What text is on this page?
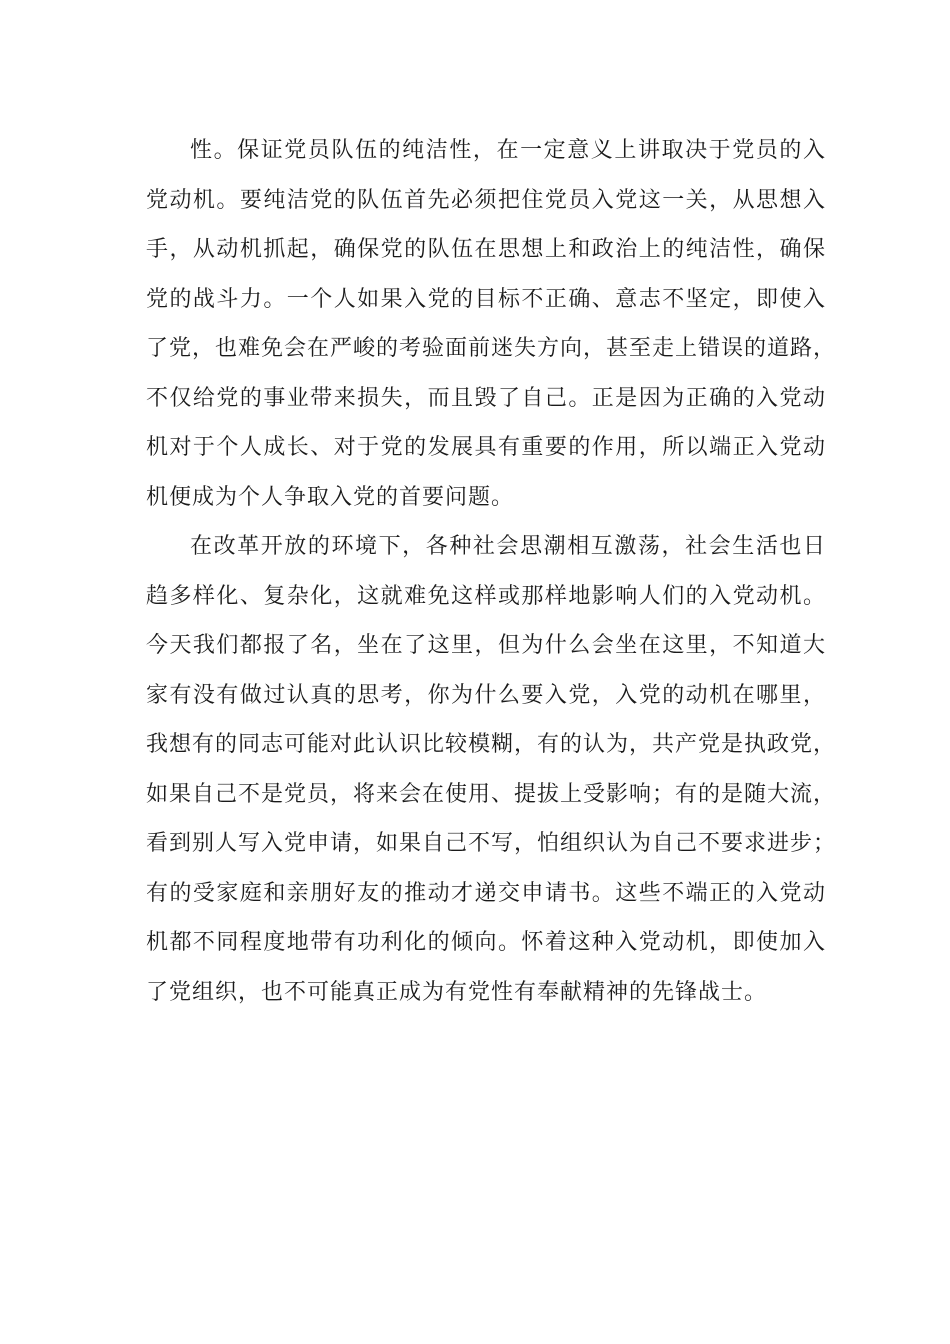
性。保证党员队伍的纯洁性，在一定意义上讲取决于党员的入
党动机。要纯洁党的队伍首先必须把住党员入党这一关，从思想入
手，从动机抓起，确保党的队伍在思想上和政治上的纯洁性，确保
党的战斗力。一个人如果入党的目标不正确、意志不坚定，即使入
了党，也难免会在严峻的考验面前迷失方向，甚至走上错误的道路，
不仅给党的事业带来损失，而且毁了自己。正是因为正确的入党动
机对于个人成长、对于党的发展具有重要的作用，所以端正入党动
机便成为个人争取入党的首要问题。
在改革开放的环境下，各种社会思潮相互激荡，社会生活也日
趋多样化、复杂化，这就难免这样或那样地影响人们的入党动机。
今天我们都报了名，坐在了这里，但为什么会坐在这里，不知道大
家有没有做过认真的思考，你为什么要入党，入党的动机在哪里，
我想有的同志可能对此认识比较模糊，有的认为，共产党是执政党，
如果自己不是党员，将来会在使用、提拔上受影响；有的是随大流，
看到别人写入党申请，如果自己不写，怕组织认为自己不要求进步；
有的受家庭和亲朋好友的推动才递交申请书。这些不端正的入党动
机都不同程度地带有功利化的倾向。怀着这种入党动机，即使加入
了党组织，也不可能真正成为有党性有奉献精神的先锋战士。
